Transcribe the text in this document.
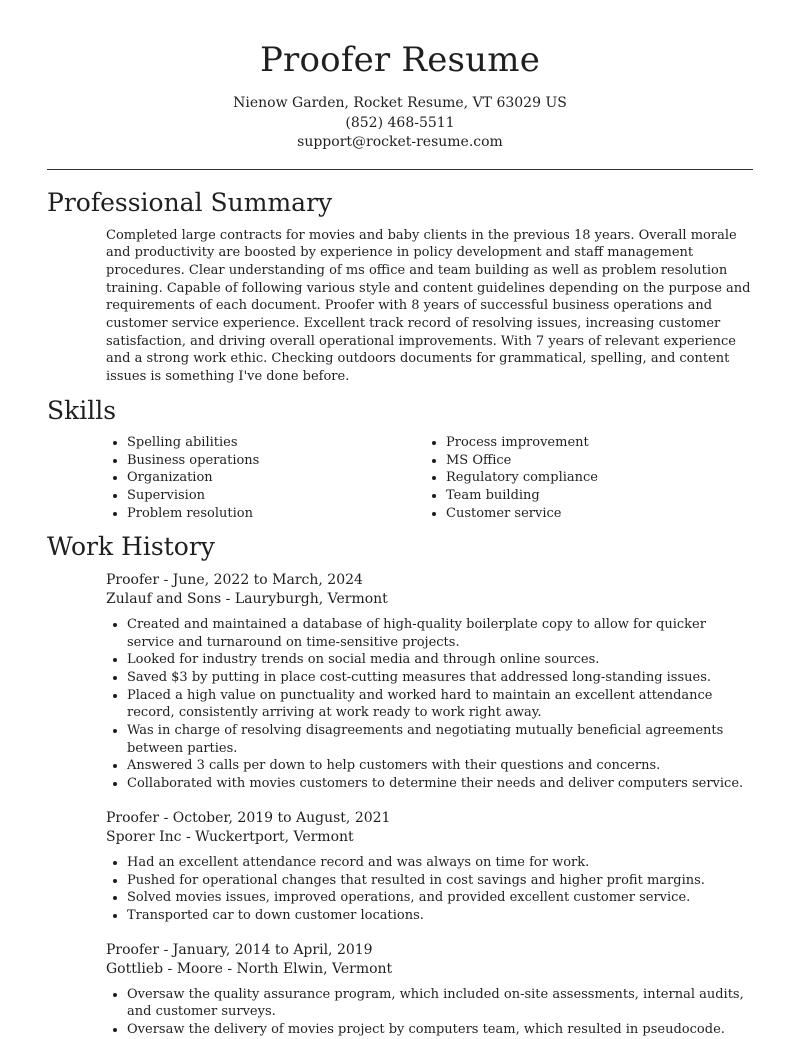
Proofer Resume
Nienow Garden, Rocket Resume, VT 63029 US
(852) 468-5511
support@rocket-resume.com
Professional Summary

Completed large contracts for movies and baby clients in the previous 18 years. Overall morale and productivity are boosted by experience in policy development and staff management procedures. Clear understanding of ms office and team building as well as problem resolution training. Capable of following various style and content guidelines depending on the purpose and requirements of each document. Proofer with 8 years of successful business operations and customer service experience. Excellent track record of resolving issues, increasing customer satisfaction, and driving overall operational improvements. With 7 years of relevant experience and a strong work ethic. Checking outdoors documents for grammatical, spelling, and content issues is something I've done before.

Skills
• Spelling abilities
• Business operations
• Organization
• Supervision
• Problem resolution
• Process improvement
• MS Office
• Regulatory compliance
• Team building
• Customer service
Work History
Proofer - June, 2022 to March, 2024
Zulauf and Sons - Lauryburgh, Vermont
• Created and maintained a database of high-quality boilerplate copy to allow for quicker service and turnaround on time-sensitive projects.
• Looked for industry trends on social media and through online sources.
• Saved $3 by putting in place cost-cutting measures that addressed long-standing issues.
• Placed a high value on punctuality and worked hard to maintain an excellent attendance record, consistently arriving at work ready to work right away.
• Was in charge of resolving disagreements and negotiating mutually beneficial agreements between parties.
• Answered 3 calls per down to help customers with their questions and concerns.
• Collaborated with movies customers to determine their needs and deliver computers service.
Proofer - October, 2019 to August, 2021
Sporer Inc - Wuckertport, Vermont
• Had an excellent attendance record and was always on time for work.
• Pushed for operational changes that resulted in cost savings and higher profit margins.
• Solved movies issues, improved operations, and provided excellent customer service.
• Transported car to down customer locations.
Proofer - January, 2014 to April, 2019
Gottlieb - Moore - North Elwin, Vermont
• Oversaw the quality assurance program, which included on-site assessments, internal audits, and customer surveys.
• Oversaw the delivery of movies project by computers team, which resulted in pseudocode.
